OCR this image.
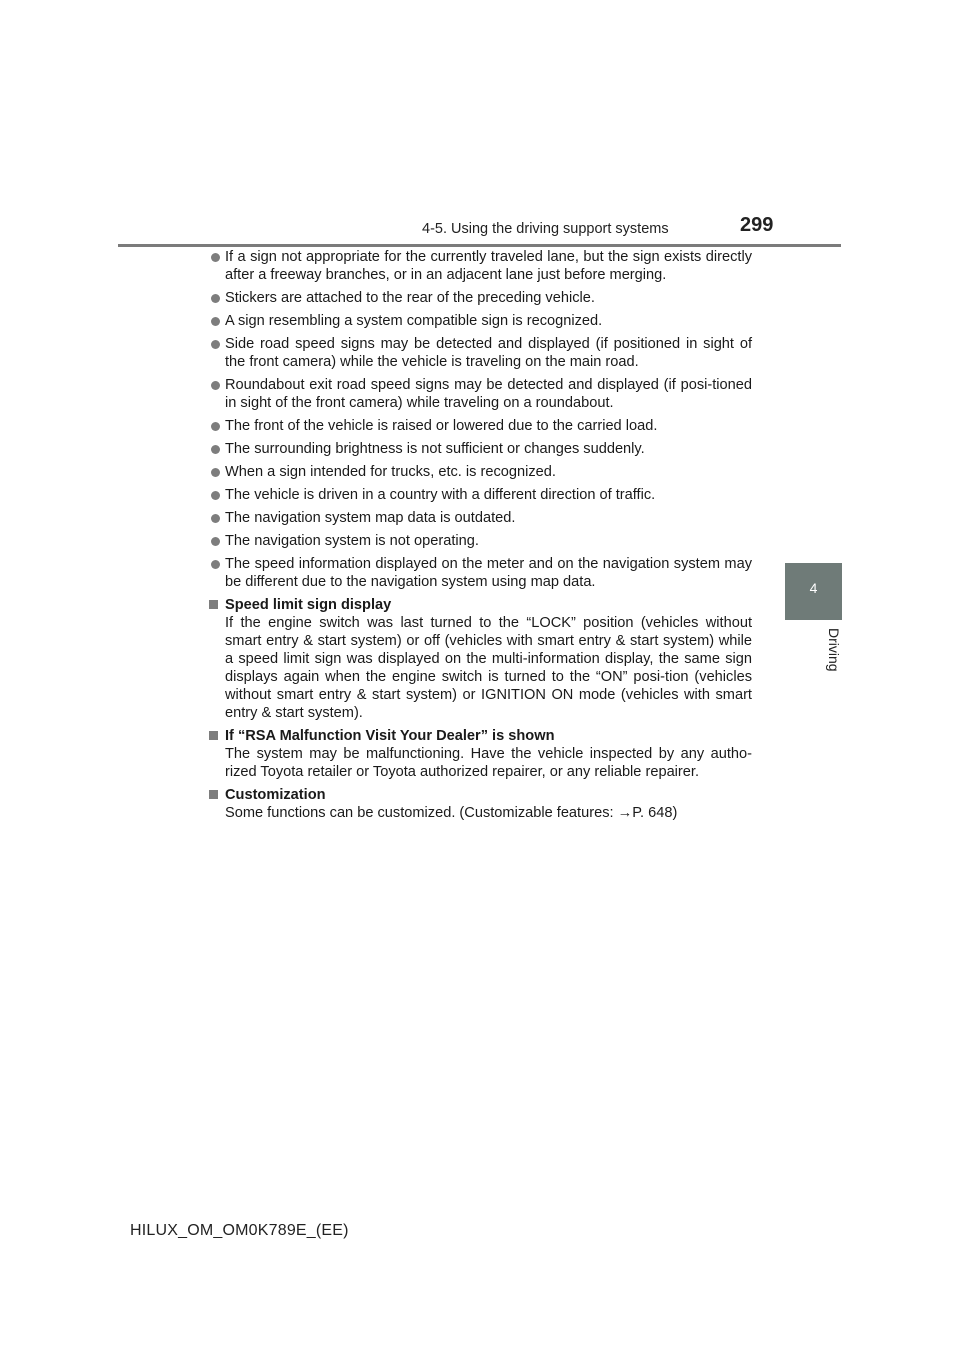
4-5. Using the driving support systems	299
4
Driving
If a sign not appropriate for the currently traveled lane, but the sign exists directly after a freeway branches, or in an adjacent lane just before merging.
Stickers are attached to the rear of the preceding vehicle.
A sign resembling a system compatible sign is recognized.
Side road speed signs may be detected and displayed (if positioned in sight of the front camera) while the vehicle is traveling on the main road.
Roundabout exit road speed signs may be detected and displayed (if posi-tioned in sight of the front camera) while traveling on a roundabout.
The front of the vehicle is raised or lowered due to the carried load.
The surrounding brightness is not sufficient or changes suddenly.
When a sign intended for trucks, etc. is recognized.
The vehicle is driven in a country with a different direction of traffic.
The navigation system map data is outdated.
The navigation system is not operating.
The speed information displayed on the meter and on the navigation system may be different due to the navigation system using map data.
Speed limit sign display
If the engine switch was last turned to the “LOCK” position (vehicles without smart entry & start system) or off (vehicles with smart entry & start system) while a speed limit sign was displayed on the multi-information display, the same sign displays again when the engine switch is turned to the “ON” posi-tion (vehicles without smart entry & start system) or IGNITION ON mode (vehicles with smart entry & start system).
If “RSA Malfunction Visit Your Dealer” is shown
The system may be malfunctioning. Have the vehicle inspected by any autho-rized Toyota retailer or Toyota authorized repairer, or any reliable repairer.
Customization
Some functions can be customized. (Customizable features: →P. 648)
HILUX_OM_OM0K789E_(EE)
